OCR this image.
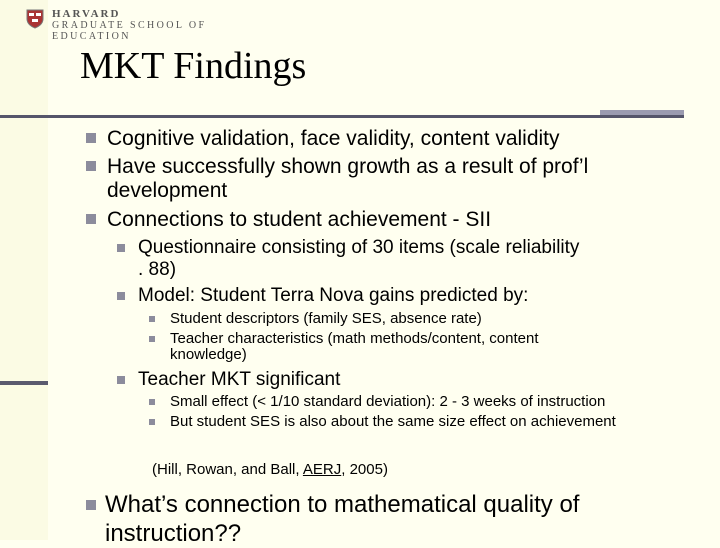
HARVARD
GRADUATE SCHOOL OF EDUCATION
MKT Findings
Cognitive validation, face validity, content validity
Have successfully shown growth as a result of prof’l
development
Connections to student achievement - SII
Questionnaire consisting of 30 items (scale reliability
. 88)
Model: Student Terra Nova gains predicted by:
Student descriptors (family SES, absence rate)
Teacher characteristics (math methods/content, content
knowledge)
Teacher MKT significant
Small effect (< 1/10 standard deviation): 2 - 3 weeks of instruction
But student SES is also about the same size effect on achievement
(Hill, Rowan, and Ball, AERJ, 2005)
What’s connection to mathematical quality of
instruction??
